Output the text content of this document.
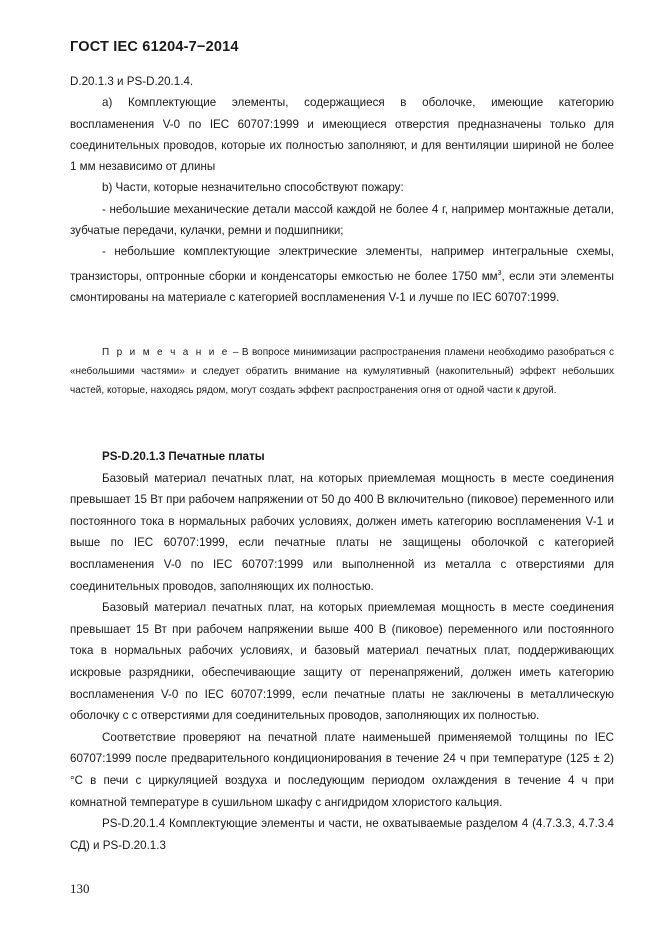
ГОСТ IEC 61204-7−2014

D.20.1.3 и PS-D.20.1.4.

а) Комплектующие элементы, содержащиеся в оболочке, имеющие категорию воспламенения V-0 по IEC 60707:1999 и имеющиеся отверстия предназначены только для соединительных проводов, которые их полностью заполняют, и для вентиляции шириной не более 1 мм независимо от длины

b) Части, которые незначительно способствуют пожару:

- небольшие механические детали массой каждой не более 4 г, например монтажные детали, зубчатые передачи, кулачки, ремни и подшипники;

- небольшие комплектующие электрические элементы, например интегральные схемы, транзисторы, оптронные сборки и конденсаторы емкостью не более 1750 $мм^3$, если эти элементы смонтированы на материале с категорией воспламенения V-1 и лучше по IEC 60707:1999.

П р и м е ч а н и е – В вопросе минимизации распространения пламени необходимо разобраться с «небольшими частями» и следует обратить внимание на кумулятивный (накопительный) эффект небольших частей, которые, находясь рядом, могут создать эффект распространения огня от одной части к другой.

PS-D.20.1.3 Печатные платы

Базовый материал печатных плат, на которых приемлемая мощность в месте соединения превышает 15 Вт при рабочем напряжении от 50 до 400 В включительно (пиковое) переменного или постоянного тока в нормальных рабочих условиях, должен иметь категорию воспламенения V-1 и выше по IEC 60707:1999, если печатные платы не защищены оболочкой с категорией воспламенения V-0 по IEC 60707:1999 или выполненной из металла с отверстиями для соединительных проводов, заполняющих их полностью.

Базовый материал печатных плат, на которых приемлемая мощность в месте соединения превышает 15 Вт при рабочем напряжении выше 400 В (пиковое) переменного или постоянного тока в нормальных рабочих условиях, и базовый материал печатных плат, поддерживающих искровые разрядники, обеспечивающие защиту от перенапряжений, должен иметь категорию воспламенения V-0 по IEC 60707:1999, если печатные платы не заключены в металлическую оболочку с с отверстиями для соединительных проводов, заполняющих их полностью.

Соответствие проверяют на печатной плате наименьшей применяемой толщины по IEC 60707:1999 после предварительного кондиционирования в течение 24 ч при температуре (125 ± 2) °С в печи с циркуляцией воздуха и последующим периодом охлаждения в течение 4 ч при комнатной температуре в сушильном шкафу с ангидридом хлористого кальция.

PS-D.20.1.4 Комплектующие элементы и части, не охватываемые разделом 4 (4.7.3.3, 4.7.3.4 СД) и PS-D.20.1.3

130
